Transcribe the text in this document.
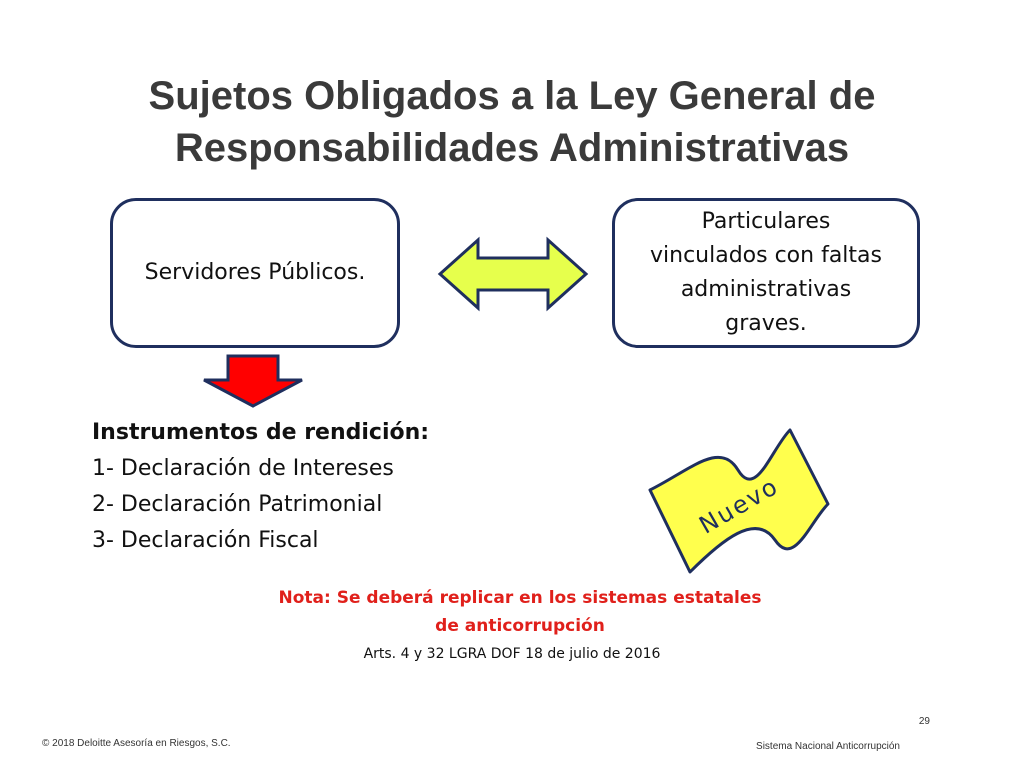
Sujetos Obligados a la Ley General de
Responsabilidades Administrativas
Servidores Públicos.
Particulares
vinculados con faltas
administrativas
graves.
Nuevo
Instrumentos de rendición:
1- Declaración de Intereses
2- Declaración Patrimonial
3- Declaración Fiscal
Nota: Se deberá replicar en los sistemas estatales
de anticorrupción
Arts. 4 y 32 LGRA DOF 18 de julio de 2016
29
© 2018 Deloitte Asesoría en Riesgos, S.C.	Sistema Nacional Anticorrupción
